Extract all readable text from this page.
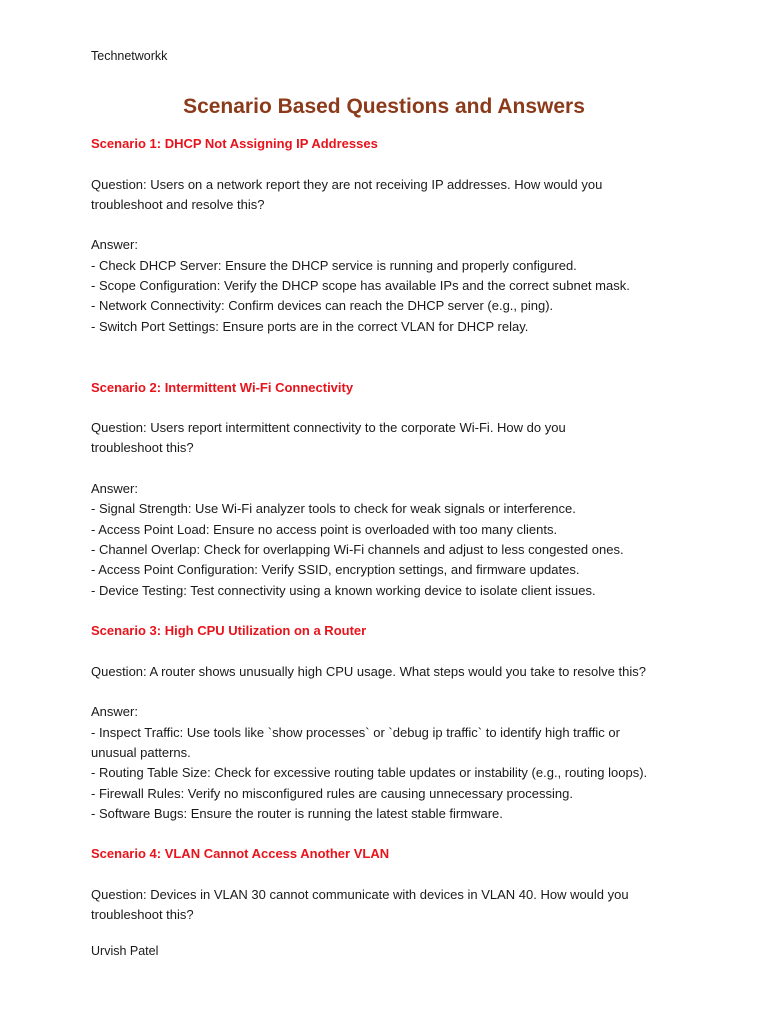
Technetworkk
Scenario Based Questions and Answers

Scenario 1: DHCP Not Assigning IP Addresses

Question: Users on a network report they are not receiving IP addresses. How would you

troubleshoot and resolve this?

Answer:

- Check DHCP Server: Ensure the DHCP service is running and properly configured.

- Scope Configuration: Verify the DHCP scope has available IPs and the correct subnet mask.

- Network Connectivity: Confirm devices can reach the DHCP server (e.g., ping).

- Switch Port Settings: Ensure ports are in the correct VLAN for DHCP relay.

Scenario 2: Intermittent Wi-Fi Connectivity

Question: Users report intermittent connectivity to the corporate Wi-Fi. How do you

troubleshoot this?

Answer:

- Signal Strength: Use Wi-Fi analyzer tools to check for weak signals or interference.

- Access Point Load: Ensure no access point is overloaded with too many clients.

- Channel Overlap: Check for overlapping Wi-Fi channels and adjust to less congested ones.

- Access Point Configuration: Verify SSID, encryption settings, and firmware updates.

- Device Testing: Test connectivity using a known working device to isolate client issues.

Scenario 3: High CPU Utilization on a Router

Question: A router shows unusually high CPU usage. What steps would you take to resolve this?

Answer:

- Inspect Traffic: Use tools like `show processes` or `debug ip traffic` to identify high traffic or

unusual patterns.

- Routing Table Size: Check for excessive routing table updates or instability (e.g., routing loops).

- Firewall Rules: Verify no misconfigured rules are causing unnecessary processing.

- Software Bugs: Ensure the router is running the latest stable firmware.

Scenario 4: VLAN Cannot Access Another VLAN

Question: Devices in VLAN 30 cannot communicate with devices in VLAN 40. How would you

troubleshoot this?

Urvish Patel
